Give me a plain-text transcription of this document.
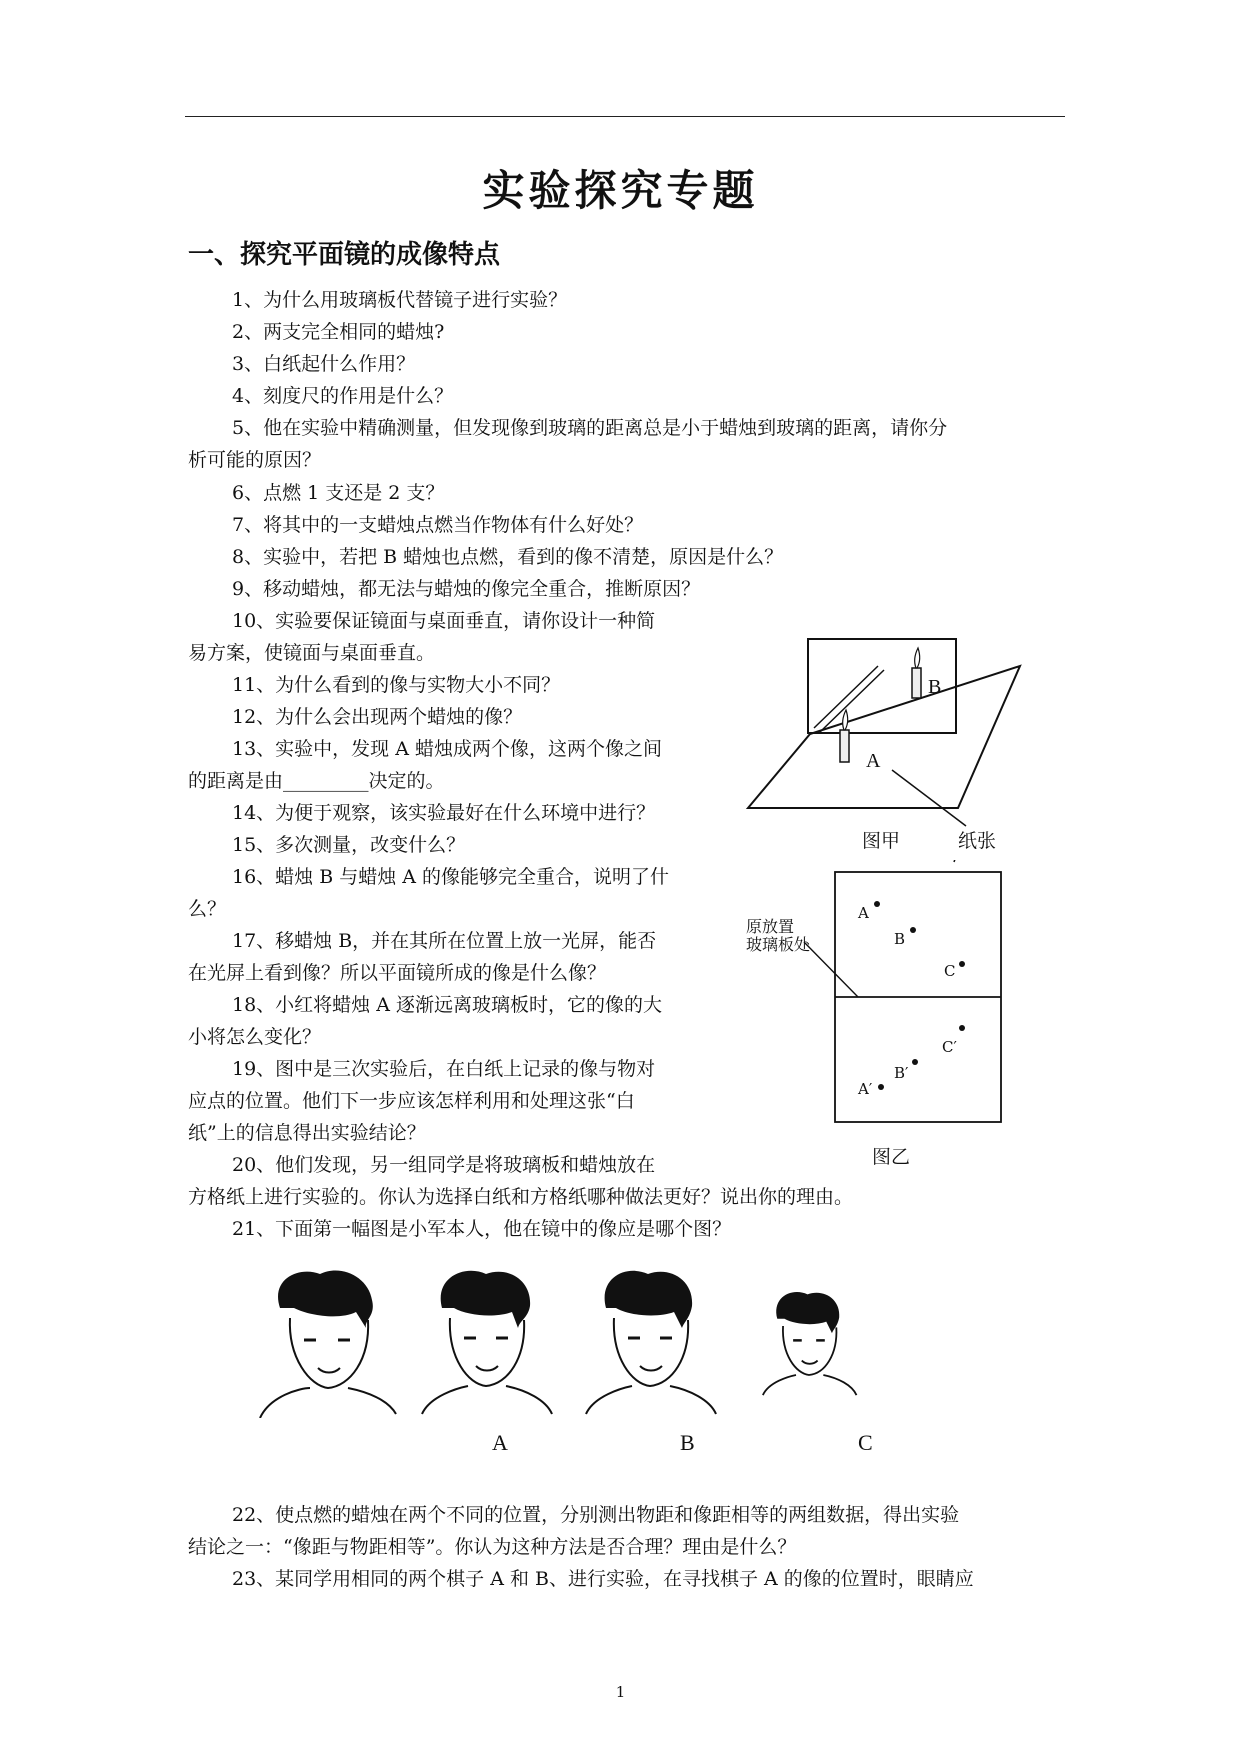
实验探究专题
一、探究平面镜的成像特点
1、为什么用玻璃板代替镜子进行实验？
2、两支完全相同的蜡烛?
3、白纸起什么作用？
4、刻度尺的作用是什么？
5、他在实验中精确测量，但发现像到玻璃的距离总是小于蜡烛到玻璃的距离，请你分
析可能的原因？
6、点燃 1 支还是 2 支？
7、将其中的一支蜡烛点燃当作物体有什么好处？
8、实验中，若把 B 蜡烛也点燃，看到的像不清楚，原因是什么？
9、移动蜡烛，都无法与蜡烛的像完全重合，推断原因？
10、实验要保证镜面与桌面垂直，请你设计一种简
易方案，使镜面与桌面垂直。
11、为什么看到的像与实物大小不同？
12、为什么会出现两个蜡烛的像？
13、实验中，发现 A 蜡烛成两个像，这两个像之间
的距离是由_________决定的。
14、为便于观察，该实验最好在什么环境中进行？
15、多次测量，改变什么？
16、蜡烛 B 与蜡烛 A 的像能够完全重合，说明了什
么？
17、移蜡烛 B，并在其所在位置上放一光屏，能否
在光屏上看到像？所以平面镜所成的像是什么像？
18、小红将蜡烛 A 逐渐远离玻璃板时，它的像的大
小将怎么变化？
19、图中是三次实验后，在白纸上记录的像与物对
应点的位置。他们下一步应该怎样利用和处理这张“白
纸”上的信息得出实验结论？
20、他们发现，另一组同学是将玻璃板和蜡烛放在
方格纸上进行实验的。你认为选择白纸和方格纸哪种做法更好？说出你的理由。
21、下面第一幅图是小军本人，他在镜中的像应是哪个图？
B
A
图甲	纸张
原放置
玻璃板处
A
B
C
A′
B′
C′
图乙
A	B	C
22、使点燃的蜡烛在两个不同的位置，分别测出物距和像距相等的两组数据，得出实验
结论之一：“像距与物距相等”。你认为这种方法是否合理？理由是什么？
23、某同学用相同的两个棋子 A 和 B、进行实验，在寻找棋子 A 的像的位置时，眼睛应
1
